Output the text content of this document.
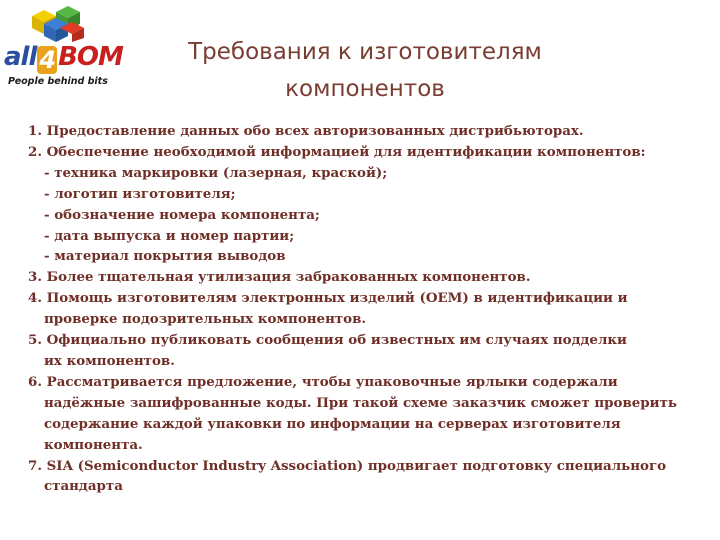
all 4 BOM
People behind bits
Требования к изготовителям
компонентов
1. Предоставление данных обо всех авторизованных дистрибьюторах.
2. Обеспечение необходимой информацией для идентификации компонентов:
- техника маркировки (лазерная, краской);
- логотип изготовителя;
- обозначение номера компонента;
- дата выпуска и номер партии;
- материал покрытия выводов
3. Более тщательная утилизация забракованных компонентов.
4. Помощь изготовителям электронных изделий (OEM) в идентификации и
проверке подозрительных компонентов.
5. Официально публиковать сообщения об известных им случаях подделки
их компонентов.
6. Рассматривается предложение, чтобы упаковочные ярлыки содержали
надёжные зашифрованные коды. При такой схеме заказчик сможет проверить
содержание каждой упаковки по информации на серверах изготовителя
компонента.
7. SIA (Semiconductor Industry Association) продвигает подготовку специального
стандарта
